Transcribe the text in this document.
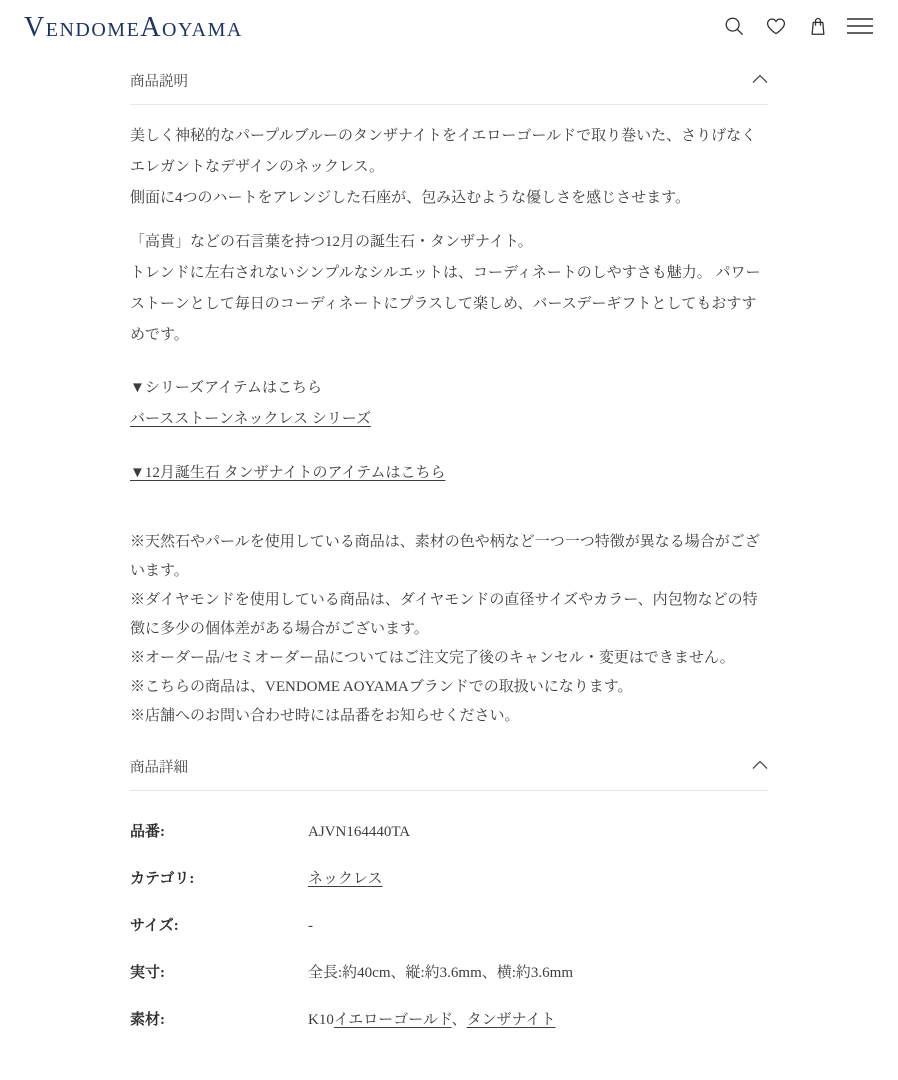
VENDOMEAOYAMA
商品説明

美しく神秘的なパープルブルーのタンザナイトをイエローゴールドで取り巻いた、さりげなくエレガントなデザインのネックレス。
側面に4つのハートをアレンジした石座が、包み込むような優しさを感じさせます。

「高貴」などの石言葉を持つ12月の誕生石・タンザナイト。
トレンドに左右されないシンプルなシルエットは、コーディネートのしやすさも魅力。 パワーストーンとして毎日のコーディネートにプラスして楽しめ、バースデーギフトとしてもおすすめです。

▼シリーズアイテムはこちら
バースストーンネックレス シリーズ

▼12月誕生石 タンザナイトのアイテムはこちら

※天然石やパールを使用している商品は、素材の色や柄など一つ一つ特徴が異なる場合がございます。

※ダイヤモンドを使用している商品は、ダイヤモンドの直径サイズやカラー、内包物などの特徴に多少の個体差がある場合がございます。

※オーダー品/セミオーダー品についてはご注文完了後のキャンセル・変更はできません。

※こちらの商品は、VENDOME AOYAMAブランドでの取扱いになります。

※店舗へのお問い合わせ時には品番をお知らせください。

商品詳細
品番:	AJVN164440TA
カテゴリ:	ネックレス
サイズ:	-
実寸:	全長:約40cm、縦:約3.6mm、横:約3.6mm
素材:	K10イエローゴールド、タンザナイト
